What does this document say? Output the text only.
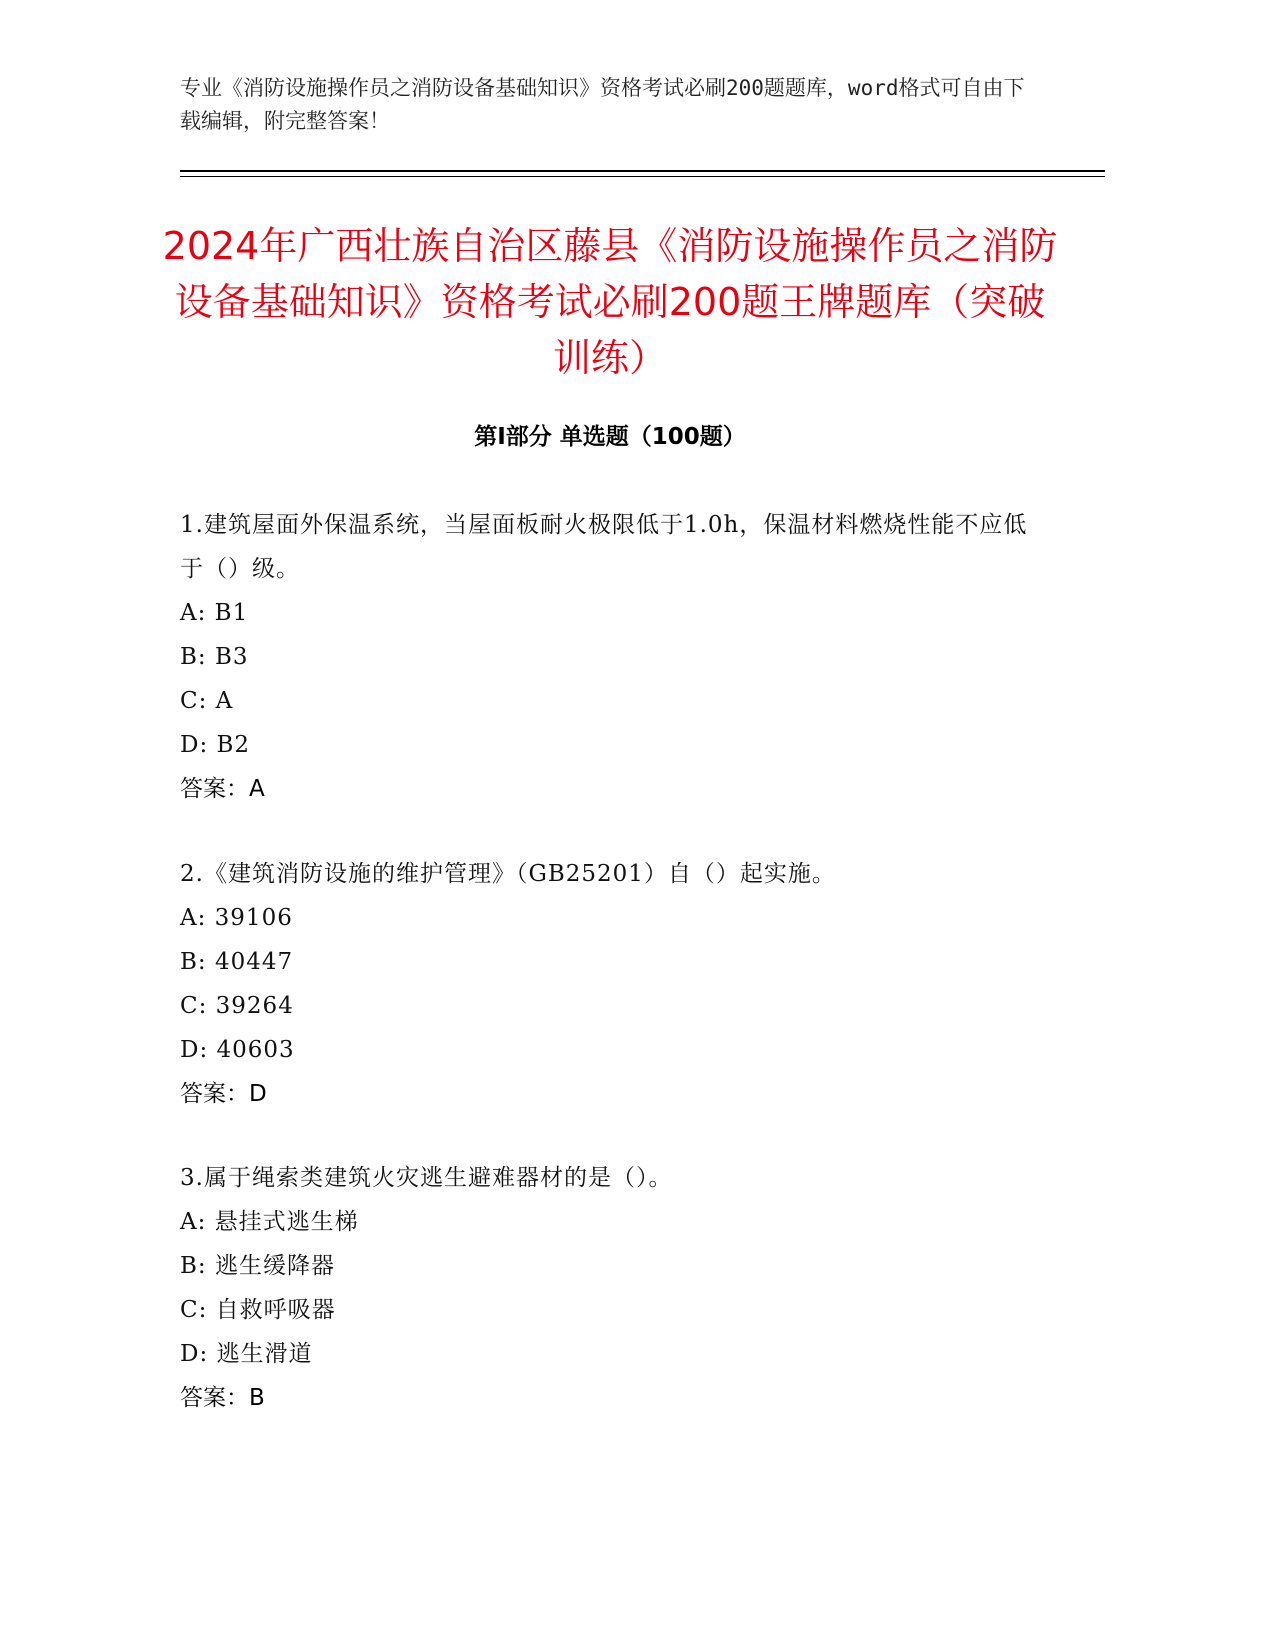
专业《消防设施操作员之消防设备基础知识》资格考试必刷200题题库，word格式可自由下载编辑，附完整答案！
2024年广西壮族自治区藤县《消防设施操作员之消防设备基础知识》资格考试必刷200题王牌题库（突破训练）
第I部分 单选题（100题）
1.建筑屋面外保温系统，当屋面板耐火极限低于1.0h，保温材料燃烧性能不应低于（）级。
A: B1
B: B3
C: A
D: B2
答案：A
2.《建筑消防设施的维护管理》（GB25201）自（）起实施。
A: 39106
B: 40447
C: 39264
D: 40603
答案：D
3.属于绳索类建筑火灾逃生避难器材的是（）。
A: 悬挂式逃生梯
B: 逃生缓降器
C: 自救呼吸器
D: 逃生滑道
答案：B
